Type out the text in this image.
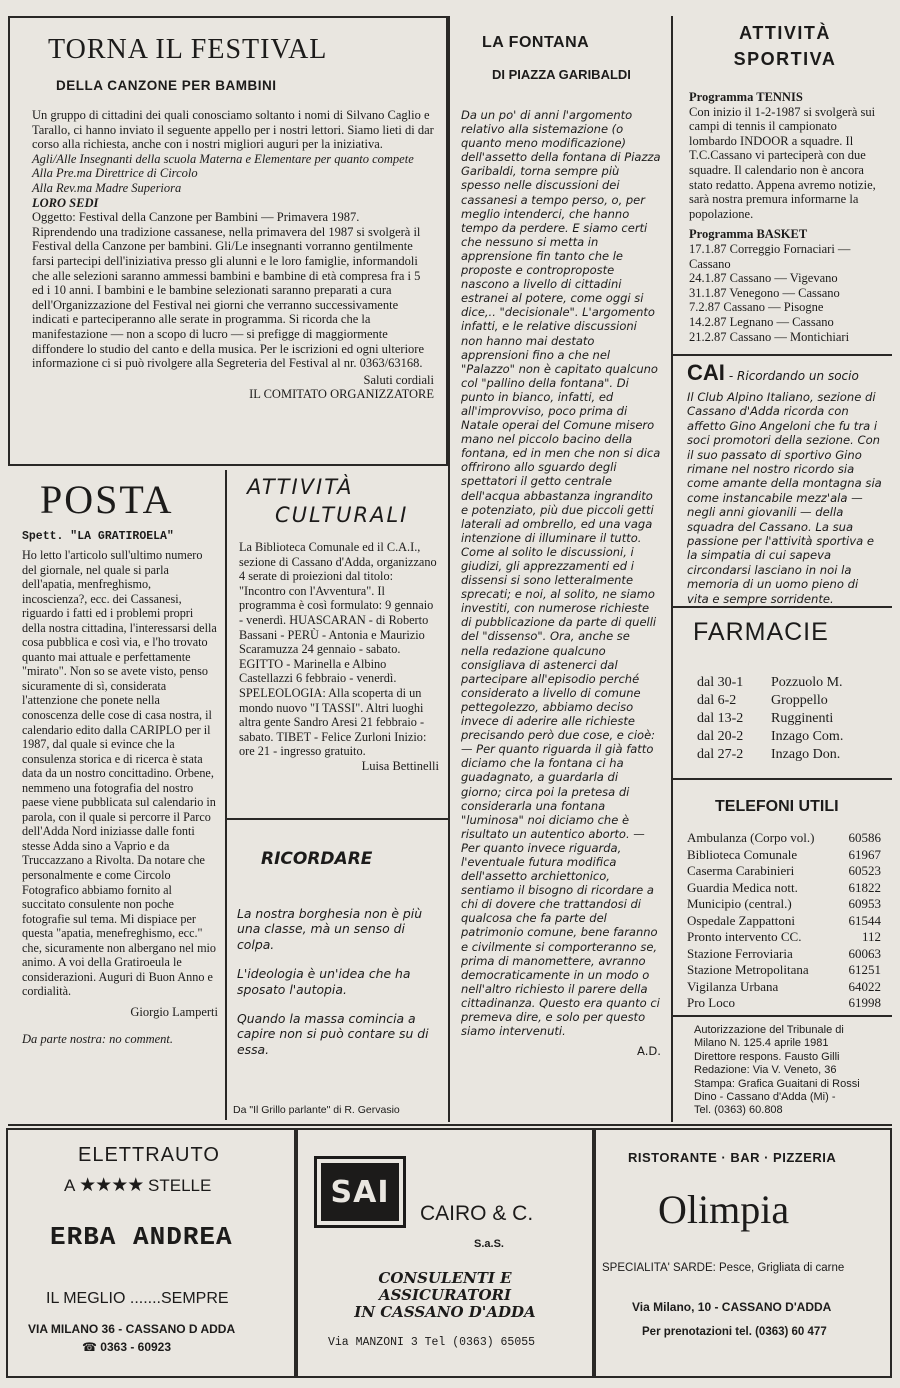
TORNA IL FESTIVAL
DELLA CANZONE PER BAMBINI

Un gruppo di cittadini dei quali conosciamo soltanto i nomi di Silvano Caglio e Tarallo, ci hanno inviato il seguente appello per i nostri lettori. Siamo lieti di dar corso alla richiesta, anche con i nostri migliori auguri per la iniziativa.

Agli/Alle Insegnanti della scuola Materna e Elementare per quanto compete

Alla Pre.ma Direttrice di Circolo

Alla Rev.ma Madre Superiora

LORO SEDI

Oggetto: Festival della Canzone per Bambini — Primavera 1987.

Riprendendo una tradizione cassanese, nella primavera del 1987 si svolgerà il Festival della Canzone per bambini. Gli/Le insegnanti vorranno gentilmente farsi partecipi dell'iniziativa presso gli alunni e le loro famiglie, informandoli che alle selezioni saranno ammessi bambini e bambine di età compresa fra i 5 ed i 10 anni. I bambini e le bambine selezionati saranno preparati a cura dell'Organizzazione del Festival nei giorni che verranno successivamente indicati e parteciperanno alle serate in programma. Si ricorda che la manifestazione — non a scopo di lucro — si prefigge di maggiormente diffondere lo studio del canto e della musica. Per le iscrizioni ed ogni ulteriore informazione ci si può rivolgere alla Segreteria del Festival al nr. 0363/63168.

Saluti cordiali

IL COMITATO ORGANIZZATORE

LA FONTANA
DI PIAZZA GARIBALDI

Da un po' di anni l'argomento relativo alla sistemazione (o quanto meno modificazione) dell'assetto della fontana di Piazza Garibaldi, torna sempre più spesso nelle discussioni dei cassanesi a tempo perso, o, per meglio intenderci, che hanno tempo da perdere. E siamo certi che nessuno si metta in apprensione fin tanto che le proposte e controproposte nascono a livello di cittadini estranei al potere, come oggi si dice,.. "decisionale". L'argomento infatti, e le relative discussioni non hanno mai destato apprensioni fino a che nel "Palazzo" non è capitato qualcuno col "pallino della fontana". Di punto in bianco, infatti, ed all'improvviso, poco prima di Natale operai del Comune misero mano nel piccolo bacino della fontana, ed in men che non si dica offrirono allo sguardo degli spettatori il getto centrale dell'acqua abbastanza ingrandito e potenziato, più due piccoli getti laterali ad ombrello, ed una vaga intenzione di illuminare il tutto. Come al solito le discussioni, i giudizi, gli apprezzamenti ed i dissensi si sono letteralmente sprecati; e noi, al solito, ne siamo investiti, con numerose richieste di pubblicazione da parte di quelli del "dissenso". Ora, anche se nella redazione qualcuno consigliava di astenerci dal partecipare all'episodio perché considerato a livello di comune pettegolezzo, abbiamo deciso invece di aderire alle richieste precisando però due cose, e cioè: — Per quanto riguarda il già fatto diciamo che la fontana ci ha guadagnato, a guardarla di giorno; circa poi la pretesa di considerarla una fontana "luminosa" noi diciamo che è risultato un autentico aborto. — Per quanto invece riguarda, l'eventuale futura modifica dell'assetto archiettonico, sentiamo il bisogno di ricordare a chi di dovere che trattandosi di qualcosa che fa parte del patrimonio comune, bene faranno e civilmente si comporteranno se, prima di manomettere, avranno democraticamente in un modo o nell'altro richiesto il parere della cittadinanza. Questo era quanto ci premeva dire, e solo per questo siamo intervenuti.

A.D.

ATTIVITÀ SPORTIVA

Programma TENNIS

Con inizio il 1-2-1987 si svolgerà sui campi di tennis il campionato lombardo INDOOR a squadre. Il T.C.Cassano vi parteciperà con due squadre. Il calendario non è ancora stato redatto. Appena avremo notizie, sarà nostra premura informarne la popolazione.

Programma BASKET

17.1.87 Correggio Fornaciari — Cassano

24.1.87 Cassano — Vigevano

31.1.87 Venegono — Cassano

7.2.87 Cassano — Pisogne

14.2.87 Legnano — Cassano

21.2.87 Cassano — Montichiari

CAI - Ricordando un socio

Il Club Alpino Italiano, sezione di Cassano d'Adda ricorda con affetto Gino Angeloni che fu tra i soci promotori della sezione. Con il suo passato di sportivo Gino rimane nel nostro ricordo sia come amante della montagna sia come instancabile mezz'ala — negli anni giovanili — della squadra del Cassano. La sua passione per l'attività sportiva e la simpatia di cui sapeva circondarsi lasciano in noi la memoria di un uomo pieno di vita e sempre sorridente.

FARMACIE
dal 30-1	Pozzuolo M.
dal 6-2	Groppello
dal 13-2	Rugginenti
dal 20-2	Inzago Com.
dal 27-2	Inzago Don.
TELEFONI UTILI
Ambulanza (Corpo vol.)	60586
Biblioteca Comunale	61967
Caserma Carabinieri	60523
Guardia Medica nott.	61822
Municipio (central.)	60953
Ospedale Zappattoni	61544
Pronto intervento CC.	112
Stazione Ferroviaria	60063
Stazione Metropolitana	61251
Vigilanza Urbana	64022
Pro Loco	61998

Autorizzazione del Tribunale di

Milano N. 125.4 aprile 1981

Direttore respons. Fausto Gilli

Redazione: Via V. Veneto, 36

Stampa: Grafica Guaitani di Rossi

Dino - Cassano d'Adda (Mi) -

Tel. (0363) 60.808

POSTA

Spett. "LA GRATIROELA"

Ho letto l'articolo sull'ultimo numero del giornale, nel quale si parla dell'apatia, menfreghismo, incoscienza?, ecc. dei Cassanesi, riguardo i fatti ed i problemi propri della nostra cittadina, l'interessarsi della cosa pubblica e così via, e l'ho trovato quanto mai attuale e perfettamente "mirato". Non so se avete visto, penso sicuramente di sì, considerata l'attenzione che ponete nella conoscenza delle cose di casa nostra, il calendario edito dalla CARIPLO per il 1987, dal quale si evince che la consulenza storica e di ricerca è stata data da un nostro concittadino. Orbene, nemmeno una fotografia del nostro paese viene pubblicata sul calendario in parola, con il quale si percorre il Parco dell'Adda Nord iniziasse dalle fonti stesse Adda sino a Vaprio e da Truccazzano a Rivolta. Da notare che personalmente e come Circolo Fotografico abbiamo fornito al succitato consulente non poche fotografie sul tema. Mi dispiace per questa "apatia, menefreghismo, ecc." che, sicuramente non albergano nel mio animo. A voi della Gratiroeula le considerazioni. Auguri di Buon Anno e cordialità.

Giorgio Lamperti

Da parte nostra: no comment.

ATTIVITÀ
CULTURALI

La Biblioteca Comunale ed il C.A.I., sezione di Cassano d'Adda, organizzano 4 serate di proiezioni dal titolo: "Incontro con l'Avventura". Il programma è così formulato: 9 gennaio - venerdì. HUASCARAN - di Roberto Bassani - PERÙ - Antonia e Maurizio Scaramuzza 24 gennaio - sabato. EGITTO - Marinella e Albino Castellazzi 6 febbraio - venerdì. SPELEOLOGIA: Alla scoperta di un mondo nuovo "I TASSI". Altri luoghi altra gente Sandro Aresi 21 febbraio - sabato. TIBET - Felice Zurloni Inizio: ore 21 - ingresso gratuito.

Luisa Bettinelli

RICORDARE

La nostra borghesia non è più una classe, mà un senso di colpa.

L'ideologia è un'idea che ha sposato l'autopia.

Quando la massa comincia a capire non si può contare su di essa.

Da "Il Grillo parlante" di R. Gervasio

ELETTRAUTO

A ★★★★ STELLE

ERBA ANDREA

IL MEGLIO .......SEMPRE

VIA MILANO 36 - CASSANO D ADDA

☎ 0363 - 60923

SAI

CAIRO & C.

S.a.S.

CONSULENTI E

ASSICURATORI

IN CASSANO D'ADDA

Via MANZONI 3 Tel (0363) 65055

RISTORANTE · BAR · PIZZERIA

Olimpia

SPECIALITA' SARDE: Pesce, Grigliata di carne

Via Milano, 10 - CASSANO D'ADDA

Per prenotazioni tel. (0363) 60 477
